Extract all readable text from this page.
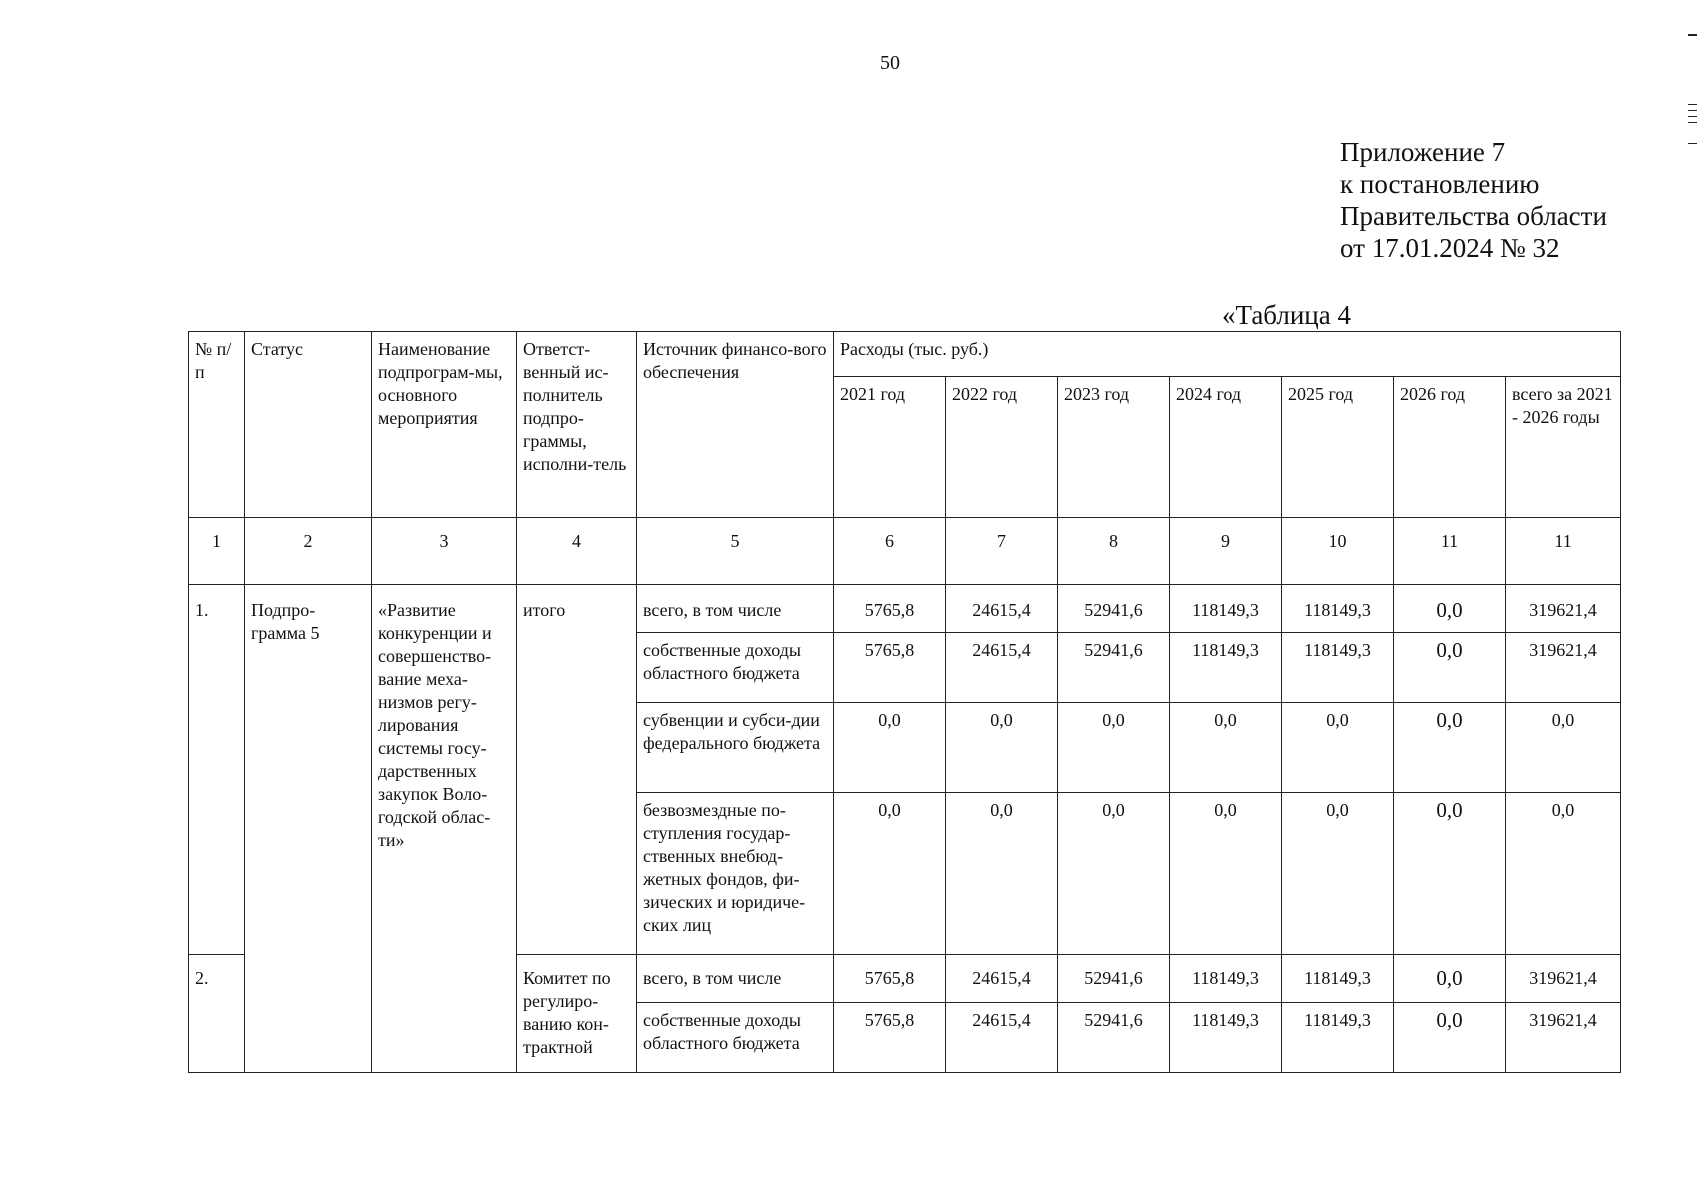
50
Приложение 7
к постановлению
Правительства области
от 17.01.2024 № 32
«Таблица 4
№ п/п	Статус	Наименование подпрограм-мы, основного мероприятия	Ответст-венный ис-полнитель подпро-граммы, исполни-тель	Источник финансо-вого обеспечения	Расходы (тыс. руб.)						
					2021 год	2022 год	2023 год	2024 год	2025 год	2026 год	всего за 2021 - 2026 годы
1	2	3	4	5	6	7	8	9	10	11	11
1.	Подпро-грамма 5	«Развитие конкуренции и совершенство-вание меха-низмов регу-лирования системы госу-дарственных закупок Воло-годской облас-ти»	итого	всего, в том числе	5765,8	24615,4	52941,6	118149,3	118149,3	0,0	319621,4
				собственные доходы областного бюджета	5765,8	24615,4	52941,6	118149,3	118149,3	0,0	319621,4
				субвенции и субси-дии федерального бюджета	0,0	0,0	0,0	0,0	0,0	0,0	0,0
				безвозмездные по-ступления государ-ственных внебюд-жетных фондов, фи-зических и юридиче-ских лиц	0,0	0,0	0,0	0,0	0,0	0,0	0,0
2.			Комитет по регулиро-ванию кон-трактной	всего, в том числе	5765,8	24615,4	52941,6	118149,3	118149,3	0,0	319621,4
				собственные доходы областного бюджета	5765,8	24615,4	52941,6	118149,3	118149,3	0,0	319621,4
